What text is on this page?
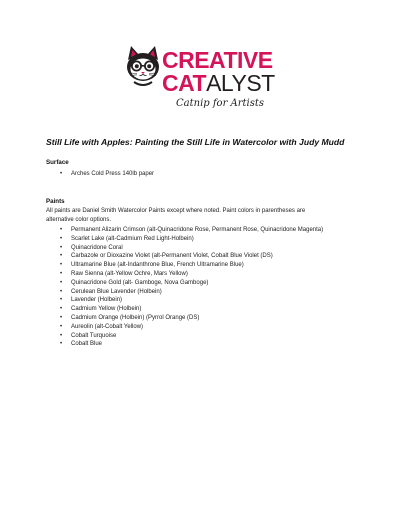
CREATIVE
CATALYST
Catnip for Artists
Still Life with Apples: Painting the Still Life in Watercolor with Judy Mudd
Surface
• Arches Cold Press 140lb paper
Paints
All paints are Daniel Smith Watercolor Paints except where noted. Paint colors in parentheses are
alternative color options.
• Permanent Alizarin Crimson (alt-Quinacridone Rose, Permanent Rose, Quinacridone Magenta)
• Scarlet Lake (alt-Cadmium Red Light-Holbein)
• Quinacridone Coral
• Carbazole or Dioxazine Violet (alt-Permanent Violet, Cobalt Blue Violet (DS)
• Ultramarine Blue (alt-Indanthrone Blue, French Ultramarine Blue)
• Raw Sienna (alt-Yellow Ochre, Mars Yellow)
• Quinacridone Gold (alt- Gamboge, Nova Gamboge)
• Cerulean Blue Lavender (Holbein)
• Lavender (Holbein)
• Cadmium Yellow (Holbein)
• Cadmium Orange (Holbein) (Pyrrol Orange (DS)
• Aureolin (alt-Cobalt Yellow)
• Cobalt Turquoise
• Cobalt Blue
